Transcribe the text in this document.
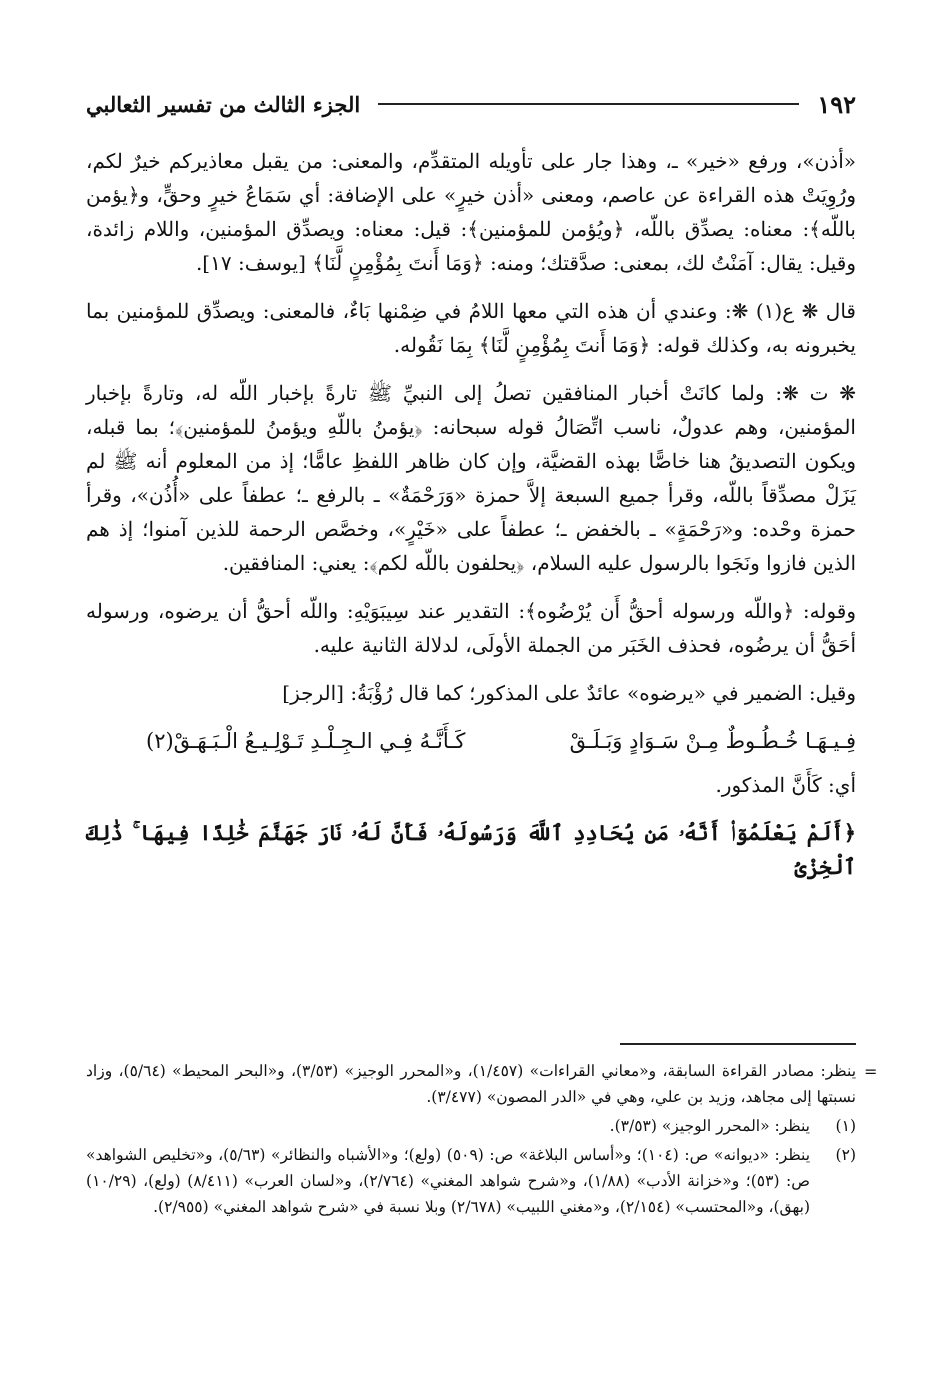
١٩٢
الجزء الثالث من تفسير الثعالبي

«أذن»، ورفع «خير» ـ، وهذا جار على تأويله المتقدِّم، والمعنى: من يقبل معاذيركم خيرٌ لكم، ورُوِيَتْ هذه القراءة عن عاصم، ومعنى «أذن خيرٍ» على الإضافة: أي سَمَاعُ خيرٍ وحقٍّ، و﴿يؤمن باللّه﴾: معناه: يصدِّق باللّه، ﴿ويُؤمن للمؤمنين﴾: قيل: معناه: ويصدِّق المؤمنين، واللام زائدة، وقيل: يقال: آمَنْتُ لك، بمعنى: صدَّقتك؛ ومنه: ﴿وَمَا أَنتَ بِمُؤْمِنٍ لَّنَا﴾ [يوسف: ١٧].

قال ❋ ع(١) ❋: وعندي أن هذه التي معها اللامُ في ضِمْنها بَاءٌ، فالمعنى: ويصدِّق للمؤمنين بما يخبرونه به، وكذلك قوله: ﴿وَمَا أَنتَ بِمُؤْمِنٍ لَّنَا﴾ بِمَا نَقُوله.

❋ ت ❋: ولما كانَتْ أخبار المنافقين تصلُ إلى النبيِّ ﷺ تارةً بإخبار اللّه له، وتارةً بإخبار المؤمنين، وهم عدولٌ، ناسب اتِّصَالُ قوله سبحانه: ﴿يؤمنُ باللّهِ ويؤمنُ للمؤمنين﴾؛ بما قبله، ويكون التصديقُ هنا خاصًّا بهذه القضيَّة، وإن كان ظاهر اللفظِ عامًّا؛ إذ من المعلوم أنه ﷺ لم يَزَلْ مصدِّقاً باللّه، وقرأ جميع السبعة إلاَّ حمزة «وَرَحْمَةٌ» ـ بالرفع ـ؛ عطفاً على «أُذُن»، وقرأ حمزة وحْده: و«رَحْمَةٍ» ـ بالخفض ـ؛ عطفاً على «خَيْرٍ»، وخصَّص الرحمة للذين آمنوا؛ إذ هم الذين فازوا ونَجَوا بالرسول عليه السلام، ﴿يحلفون باللّه لكم﴾: يعني: المنافقين.

وقوله: ﴿واللّه ورسوله أحقُّ أَن يُرْضُوه﴾: التقدير عند سِيبَوَيْهِ: واللّه أحقُّ أن يرضوه، ورسوله أحَقُّ أن يرضُوه، فحذف الخَبَر من الجملة الأولَى، لدلالة الثانية عليه.

وقيل: الضمير في «يرضوه» عائدٌ على المذكور؛ كما قال رُؤْبَةُ: [الرجز]

فِـيـهَـا خُـطُـوطٌ مِـنْ سَـوَادٍ وَبَـلَـقْ
كَـأَنَّـهُ فِـي الـجِـلْـدِ تَـوْلِـيـعُ الْـبَـهَـقْ(٢)

أي: كَأَنَّ المذكور.

﴿أَلَمْ يَعْلَمُوٓا۟ أَنَّهُۥ مَن يُحَادِدِ ٱللَّهَ وَرَسُولَهُۥ فَأَنَّ لَهُۥ نَارَ جَهَنَّمَ خَٰلِدًا فِيهَا ۚ ذَٰلِكَ ٱلْخِزْىُ

=
ينظر: مصادر القراءة السابقة، و«معاني القراءات» (١/٤٥٧)، و«المحرر الوجيز» (٣/٥٣)، و«البحر المحيط» (٥/٦٤)، وزاد نسبتها إلى مجاهد، وزيد بن علي، وهي في «الدر المصون» (٣/٤٧٧).
(١)
ينظر: «المحرر الوجيز» (٣/٥٣).
(٢)
ينظر: «ديوانه» ص: (١٠٤)؛ و«أساس البلاغة» ص: (٥٠٩) (ولع)؛ و«الأشباه والنظائر» (٥/٦٣)، و«تخليص الشواهد» ص: (٥٣)؛ و«خزانة الأدب» (١/٨٨)، و«شرح شواهد المغني» (٢/٧٦٤)، و«لسان العرب» (٨/٤١١) (ولع)، (١٠/٢٩) (بهق)، و«المحتسب» (٢/١٥٤)، و«مغني اللبيب» (٢/٦٧٨) وبلا نسبة في «شرح شواهد المغني» (٢/٩٥٥).
